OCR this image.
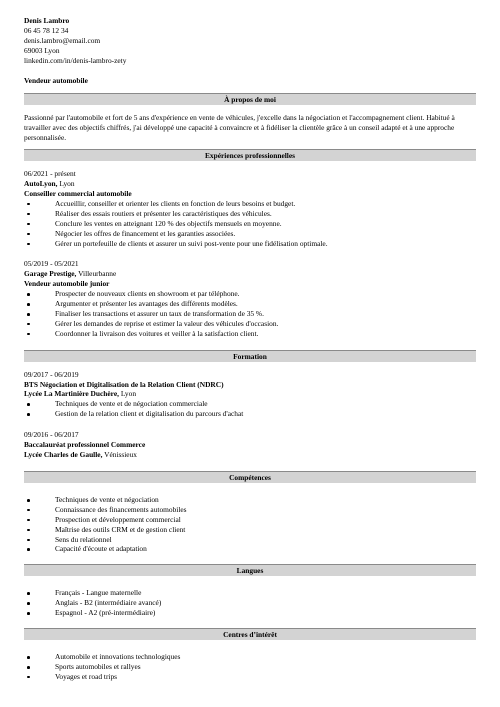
Denis Lambro
06 45 78 12 34
denis.lambro@email.com
69003 Lyon
linkedin.com/in/denis-lambro-zety
Vendeur automobile
À propos de moi

Passionné par l'automobile et fort de 5 ans d'expérience en vente de véhicules, j'excelle dans la négociation et l'accompagnement client. Habitué à travailler avec des objectifs chiffrés, j'ai développé une capacité à convaincre et à fidéliser la clientèle grâce à un conseil adapté et à une approche personnalisée.

Expériences professionnelles
06/2021 - présent
AutoLyon, Lyon
Conseiller commercial automobile
Accueillir, conseiller et orienter les clients en fonction de leurs besoins et budget.
Réaliser des essais routiers et présenter les caractéristiques des véhicules.
Conclure les ventes en atteignant 120 % des objectifs mensuels en moyenne.
Négocier les offres de financement et les garanties associées.
Gérer un portefeuille de clients et assurer un suivi post-vente pour une fidélisation optimale.
05/2019 - 05/2021
Garage Prestige, Villeurbanne
Vendeur automobile junior
Prospecter de nouveaux clients en showroom et par téléphone.
Argumenter et présenter les avantages des différents modèles.
Finaliser les transactions et assurer un taux de transformation de 35 %.
Gérer les demandes de reprise et estimer la valeur des véhicules d'occasion.
Coordonner la livraison des voitures et veiller à la satisfaction client.
Formation
09/2017 - 06/2019
BTS Négociation et Digitalisation de la Relation Client (NDRC)
Lycée La Martinière Duchère, Lyon
Techniques de vente et de négociation commerciale
Gestion de la relation client et digitalisation du parcours d'achat
09/2016 - 06/2017
Baccalauréat professionnel Commerce
Lycée Charles de Gaulle, Vénissieux
Compétences
Techniques de vente et négociation
Connaissance des financements automobiles
Prospection et développement commercial
Maîtrise des outils CRM et de gestion client
Sens du relationnel
Capacité d'écoute et adaptation
Langues
Français - Langue maternelle
Anglais - B2 (intermédiaire avancé)
Espagnol - A2 (pré-intermédiaire)
Centres d’intérêt
Automobile et innovations technologiques
Sports automobiles et rallyes
Voyages et road trips
